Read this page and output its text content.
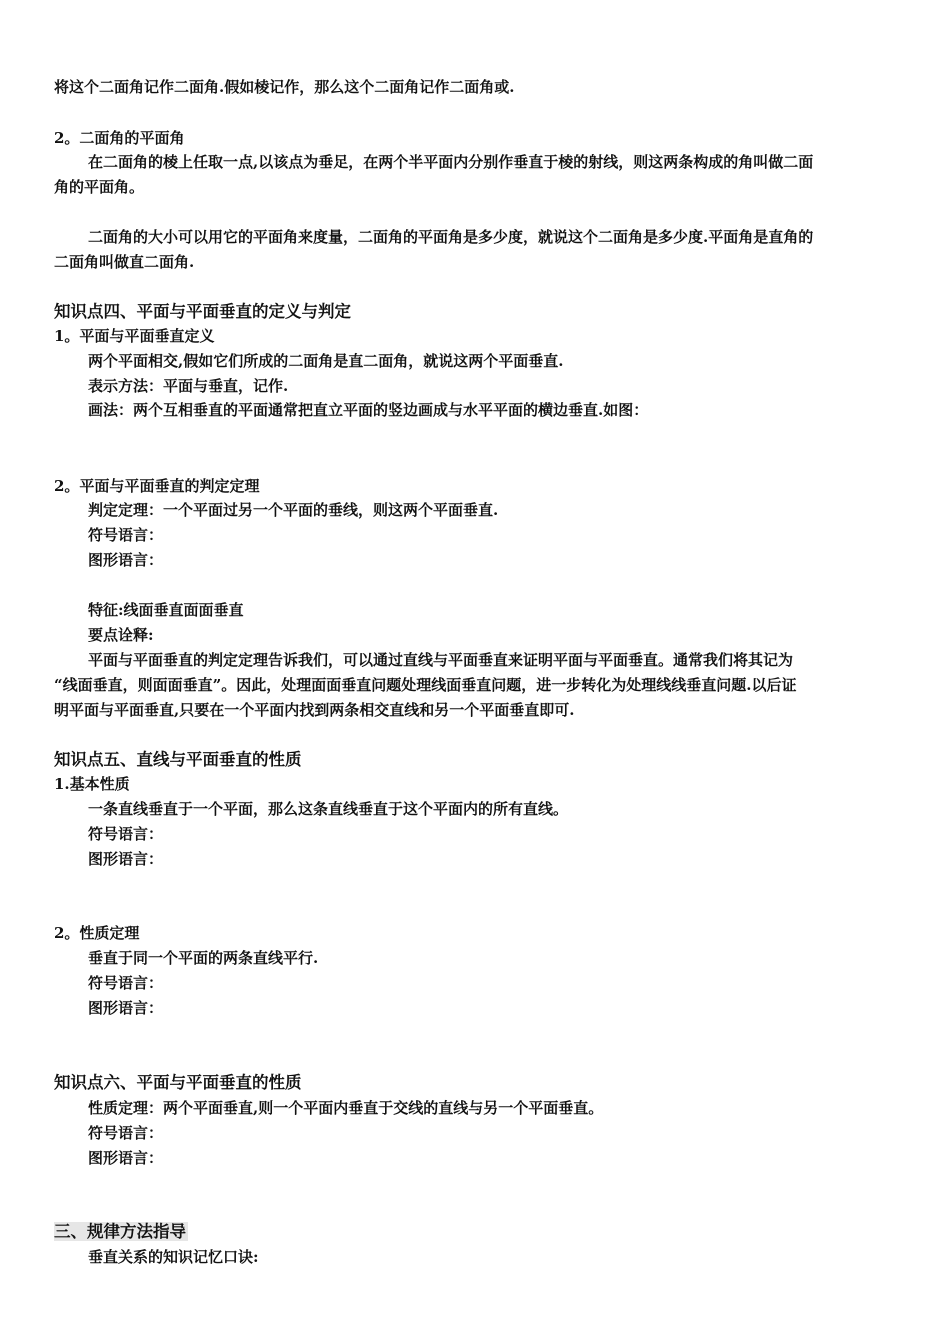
将这个二面角记作二面角.假如棱记作，那么这个二面角记作二面角或.
2。二面角的平面角
在二面角的棱上任取一点,以该点为垂足，在两个半平面内分别作垂直于棱的射线，则这两条构成的角叫做二面
角的平面角。
二面角的大小可以用它的平面角来度量，二面角的平面角是多少度，就说这个二面角是多少度.平面角是直角的
二面角叫做直二面角.
知识点四、平面与平面垂直的定义与判定
1。平面与平面垂直定义
两个平面相交,假如它们所成的二面角是直二面角，就说这两个平面垂直.
表示方法：平面与垂直，记作.
画法：两个互相垂直的平面通常把直立平面的竖边画成与水平平面的横边垂直.如图：
2。平面与平面垂直的判定定理
判定定理：一个平面过另一个平面的垂线，则这两个平面垂直.
符号语言：
图形语言：
特征:线面垂直面面垂直
要点诠释:
平面与平面垂直的判定定理告诉我们，可以通过直线与平面垂直来证明平面与平面垂直。通常我们将其记为
“线面垂直，则面面垂直”。因此，处理面面垂直问题处理线面垂直问题，进一步转化为处理线线垂直问题.以后证
明平面与平面垂直,只要在一个平面内找到两条相交直线和另一个平面垂直即可.
知识点五、直线与平面垂直的性质
1.基本性质
一条直线垂直于一个平面，那么这条直线垂直于这个平面内的所有直线。
符号语言：
图形语言：
2。性质定理
垂直于同一个平面的两条直线平行.
符号语言：
图形语言：
知识点六、平面与平面垂直的性质
性质定理：两个平面垂直,则一个平面内垂直于交线的直线与另一个平面垂直。
符号语言：
图形语言：
三、规律方法指导
垂直关系的知识记忆口诀:
